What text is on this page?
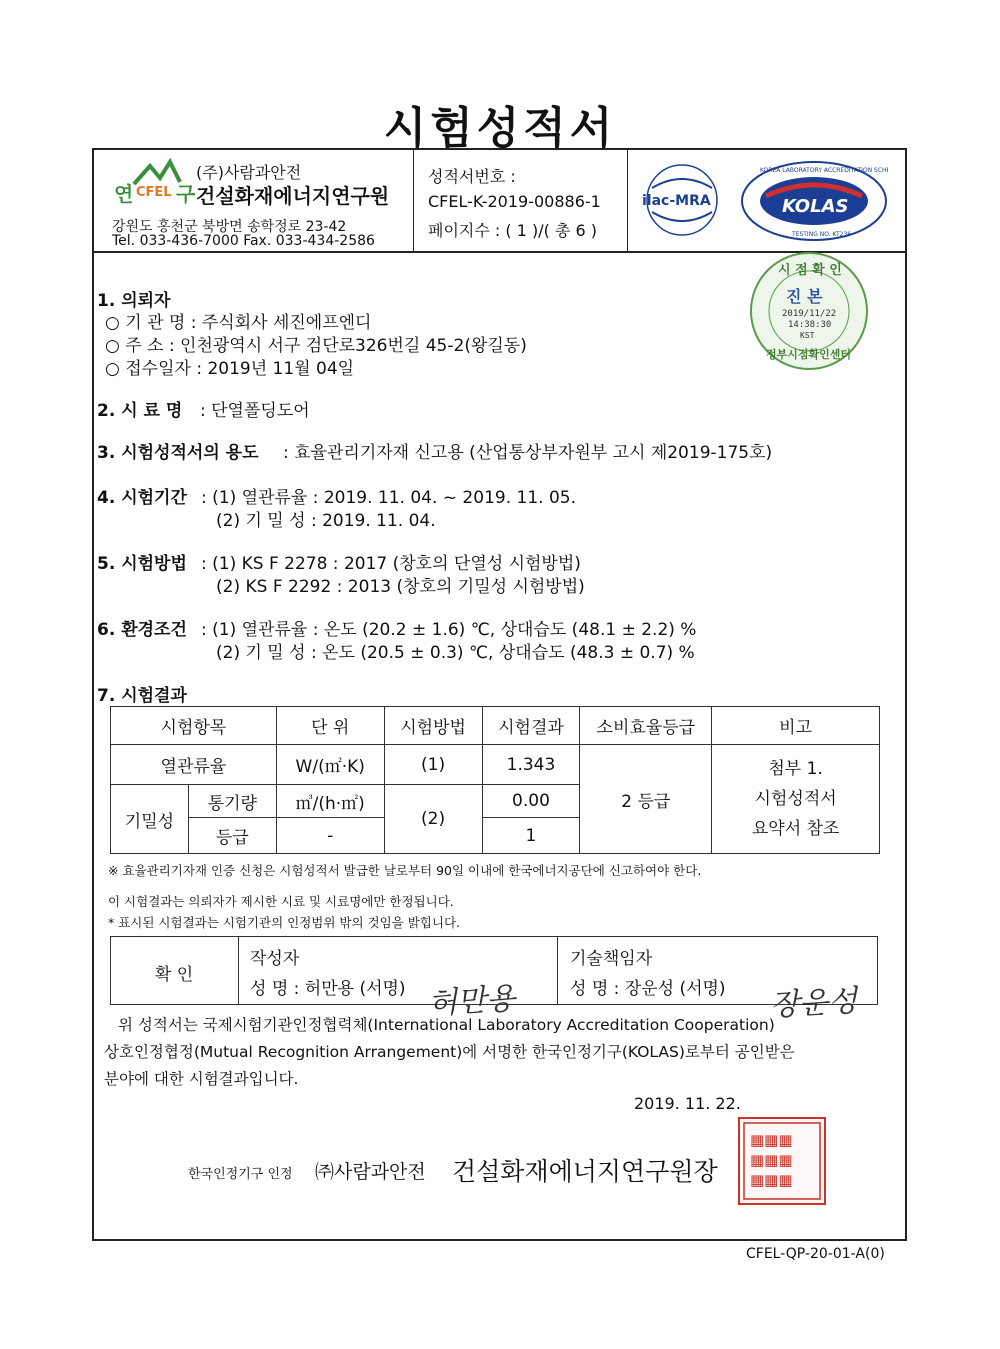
시험성적서
연 CFEL 구
(주)사람과안전
건설화재에너지연구원
강원도 홍천군 북방면 송학정로 23-42
Tel. 033-436-7000 Fax. 033-434-2586
성적서번호 :
CFEL-K-2019-00886-1
페이지수 : ( 1 )/( 총 6 )
ilac-MRA	KOLAS
KOREA LABORATORY ACCREDITATION SCHEME
TESTING NO. KT236
시 점 확 인
진 본
2019/11/22
14:38:30
KST
정부시점확인센터
1. 의뢰자
○ 기 관 명 : 주식회사 세진에프엔디
○ 주 소 : 인천광역시 서구 검단로326번길 45-2(왕길동)
○ 접수일자 : 2019년 11월 04일
2. 시 료 명 : 단열폴딩도어
3. 시험성적서의 용도 : 효율관리기자재 신고용 (산업통상부자원부 고시 제2019-175호)
4. 시험기간 : (1) 열관류율 : 2019. 11. 04. ~ 2019. 11. 05.
(2) 기 밀 성 : 2019. 11. 04.
5. 시험방법 : (1) KS F 2278 : 2017 (창호의 단열성 시험방법)
(2) KS F 2292 : 2013 (창호의 기밀성 시험방법)
6. 환경조건 : (1) 열관류율 : 온도 (20.2 ± 1.6) ℃, 상대습도 (48.1 ± 2.2) %
(2) 기 밀 성 : 온도 (20.5 ± 0.3) ℃, 상대습도 (48.3 ± 0.7) %
7. 시험결과
시험항목		단 위	시험방법	시험결과	소비효율등급	비고
열관류율		W/(㎡·K)	(1)	1.343	2 등급	첨부 1.
시험성적서
요약서 참조

기밀성	통기량	㎥/(h·㎡)	(2)	0.00		
	등급	-		1		
※ 효율관리기자재 인증 신청은 시험성적서 발급한 날로부터 90일 이내에 한국에너지공단에 신고하여야 한다.
이 시험결과는 의뢰자가 제시한 시료 및 시료명에만 한정됩니다.
* 표시된 시험결과는 시험기관의 인정범위 밖의 것임을 밝힙니다.
확 인
작성자
성 명 : 허만용 (서명)
기술책임자
성 명 : 장운성 (서명)
허만용	장운성
위 성적서는 국제시험기관인정협력체(International Laboratory Accreditation Cooperation)
상호인정협정(Mutual Recognition Arrangement)에 서명한 한국인정기구(KOLAS)로부터 공인받은
분야에 대한 시험결과입니다.
2019. 11. 22.
한국인정기구 인정 ㈜사람과안전 건설화재에너지연구원장
▦▦▦
▦▦▦
▦▦▦
CFEL-QP-20-01-A(0)
